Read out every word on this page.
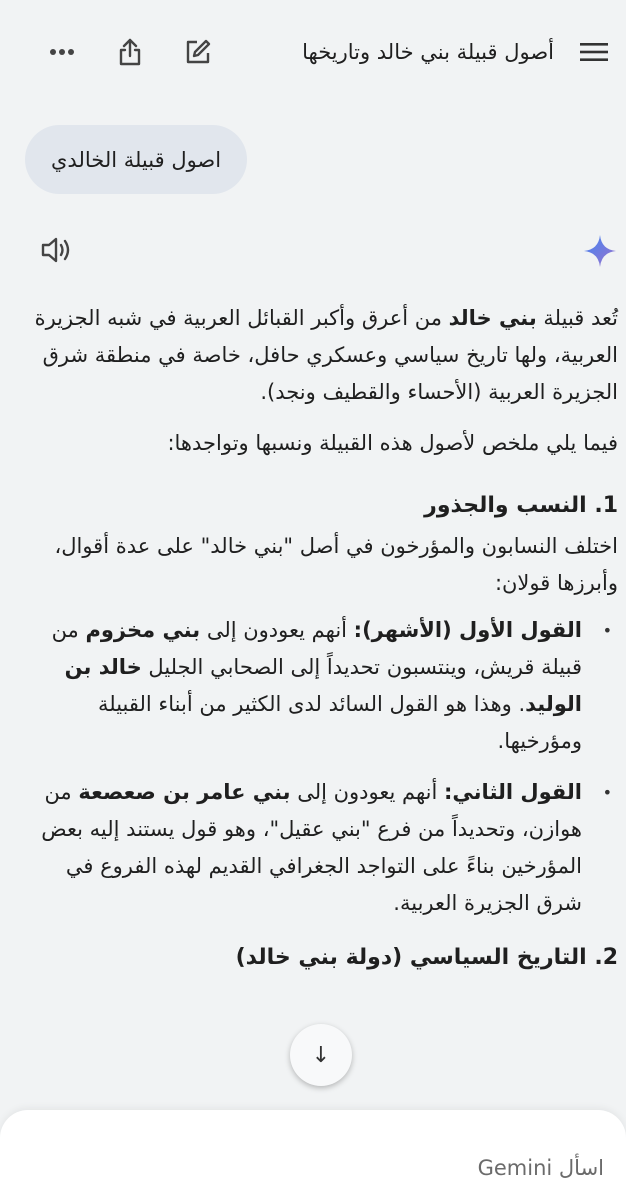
أصول قبيلة بني خالد وتاريخها
اصول قبيلة الخالدي

تُعد قبيلة بني خالد من أعرق وأكبر القبائل العربية في شبه الجزيرة العربية، ولها تاريخ سياسي وعسكري حافل، خاصة في منطقة شرق الجزيرة العربية (الأحساء والقطيف ونجد).

فيما يلي ملخص لأصول هذه القبيلة ونسبها وتواجدها:

1. النسب والجذور

اختلف النسابون والمؤرخون في أصل "بني خالد" على عدة أقوال، وأبرزها قولان:

• القول الأول (الأشهر): أنهم يعودون إلى بني مخزوم من قبيلة قريش، وينتسبون تحديداً إلى الصحابي الجليل خالد بن الوليد. وهذا هو القول السائد لدى الكثير من أبناء القبيلة ومؤرخيها.
• القول الثاني: أنهم يعودون إلى بني عامر بن صعصعة من هوازن، وتحديداً من فرع "بني عقيل"، وهو قول يستند إليه بعض المؤرخين بناءً على التواجد الجغرافي القديم لهذه الفروع في شرق الجزيرة العربية.
2. التاريخ السياسي (دولة بني خالد)
↓
اسأل Gemini
